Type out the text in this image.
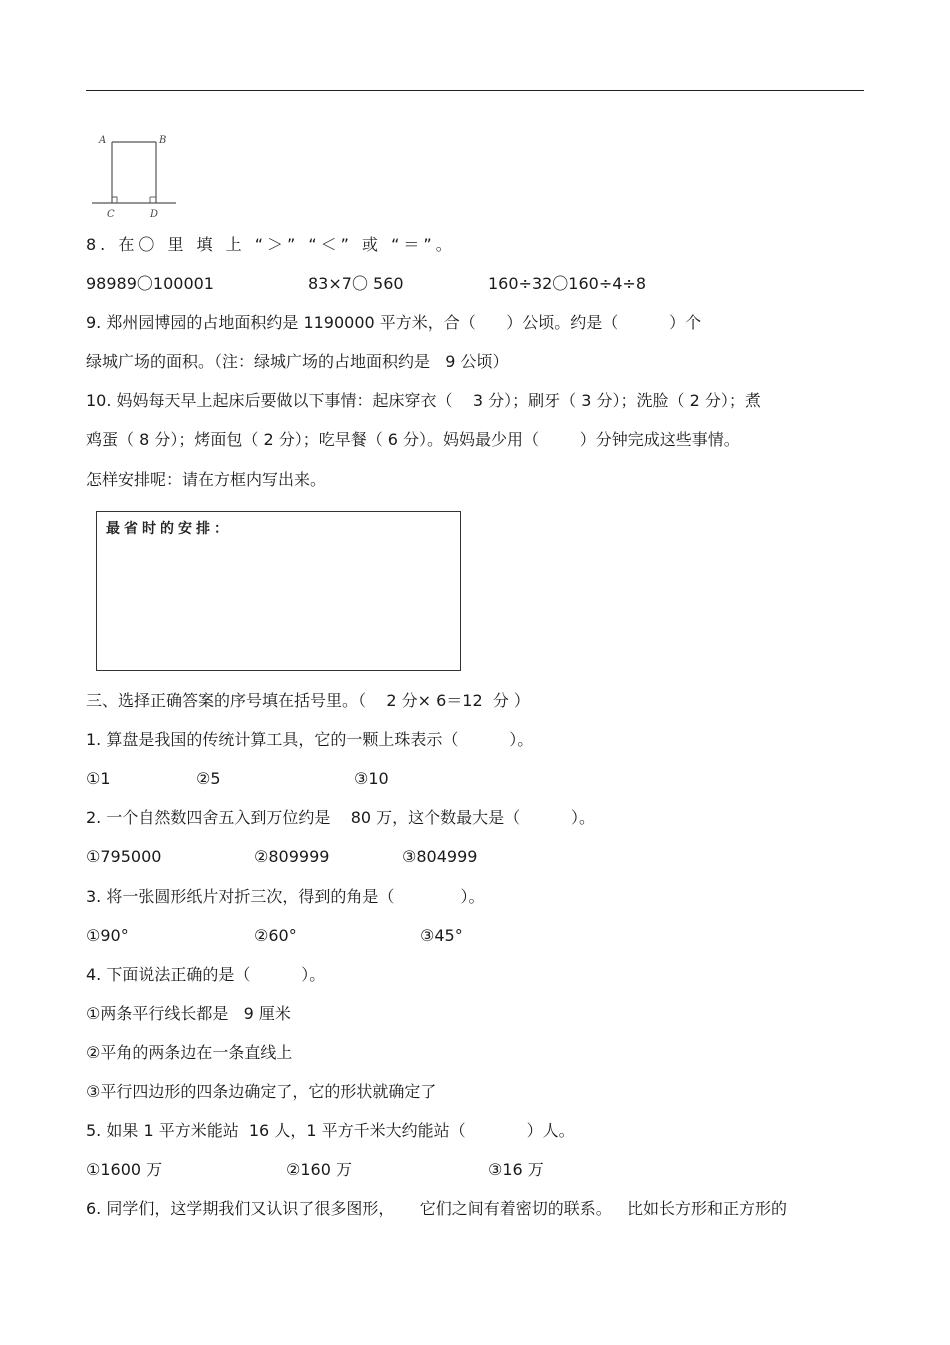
A	B
C	D
8. 在〇 里 填 上 “＞” “＜” 或 “＝”。
98989〇100001	83×7〇 560	160÷32〇160÷4÷8
9. 郑州园博园的占地面积约是 1190000 平方米，合（      ）公顷。约是（          ）个
绿城广场的面积。（注：绿城广场的占地面积约是   9 公顷）
10. 妈妈每天早上起床后要做以下事情：起床穿衣（    3 分）；刷牙（ 3 分）；洗脸（ 2 分）；煮
鸡蛋（ 8 分）；烤面包（ 2 分）；吃早餐（ 6 分）。妈妈最少用（        ）分钟完成这些事情。
怎样安排呢：请在方框内写出来。
最省时的安排：
三、选择正确答案的序号填在括号里。（    2 分× 6＝12  分 ）
1. 算盘是我国的传统计算工具，它的一颗上珠表示（          ）。
①1	②5	③10
2. 一个自然数四舍五入到万位约是    80 万，这个数最大是（          ）。
①795000	②809999	③804999
3. 将一张圆形纸片对折三次，得到的角是（             ）。
①90°	②60°	③45°
4. 下面说法正确的是（          ）。
①两条平行线长都是   9 厘米
②平角的两条边在一条直线上
③平行四边形的四条边确定了，它的形状就确定了
5. 如果 1 平方米能站  16 人，1 平方千米大约能站（            ）人。
①1600 万	②160 万	③16 万
6. 同学们，这学期我们又认识了很多图形，     它们之间有着密切的联系。   比如长方形和正方形的
